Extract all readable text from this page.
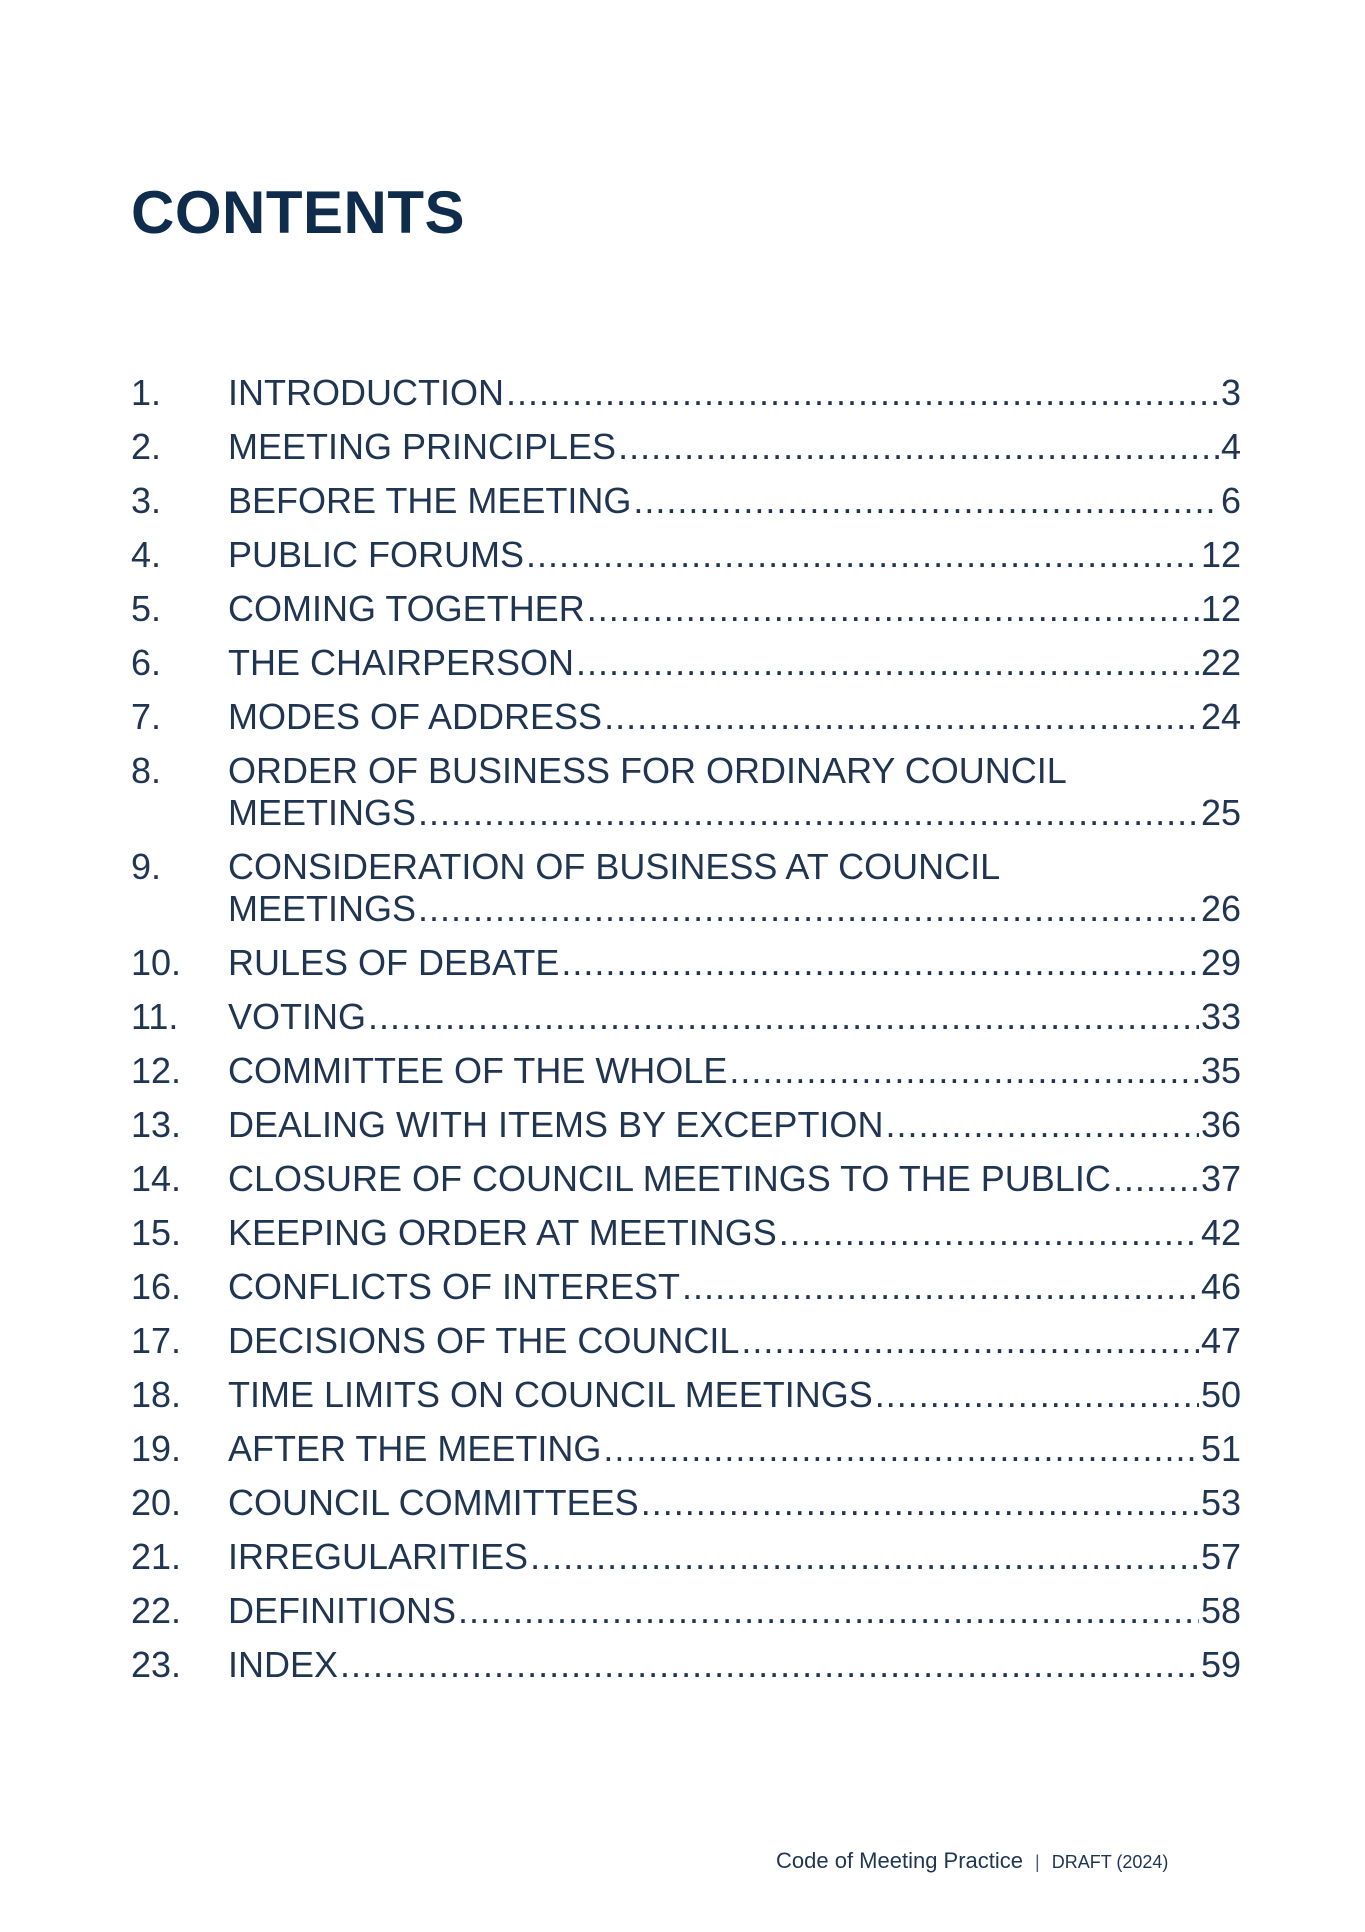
CONTENTS
1.	INTRODUCTION .....	3
2.	MEETING PRINCIPLES .....	4
3.	BEFORE THE MEETING .....	6
4.	PUBLIC FORUMS .....	12
5.	COMING TOGETHER .....	12
6.	THE CHAIRPERSON .....	22
7.	MODES OF ADDRESS .....	24
8.	ORDER OF BUSINESS FOR ORDINARY COUNCIL
MEETINGS .....	25
9.	CONSIDERATION OF BUSINESS AT COUNCIL
MEETINGS .....	26
10.	RULES OF DEBATE .....	29
11.	VOTING .....	33
12.	COMMITTEE OF THE WHOLE .....	35
13.	DEALING WITH ITEMS BY EXCEPTION .....	36
14.	CLOSURE OF COUNCIL MEETINGS TO THE PUBLIC .....	37
15.	KEEPING ORDER AT MEETINGS .....	42
16.	CONFLICTS OF INTEREST .....	46
17.	DECISIONS OF THE COUNCIL .....	47
18.	TIME LIMITS ON COUNCIL MEETINGS .....	50
19.	AFTER THE MEETING .....	51
20.	COUNCIL COMMITTEES .....	53
21.	IRREGULARITIES .....	57
22.	DEFINITIONS .....	58
23.	INDEX .....	59
Code of Meeting Practice | DRAFT (2024)
